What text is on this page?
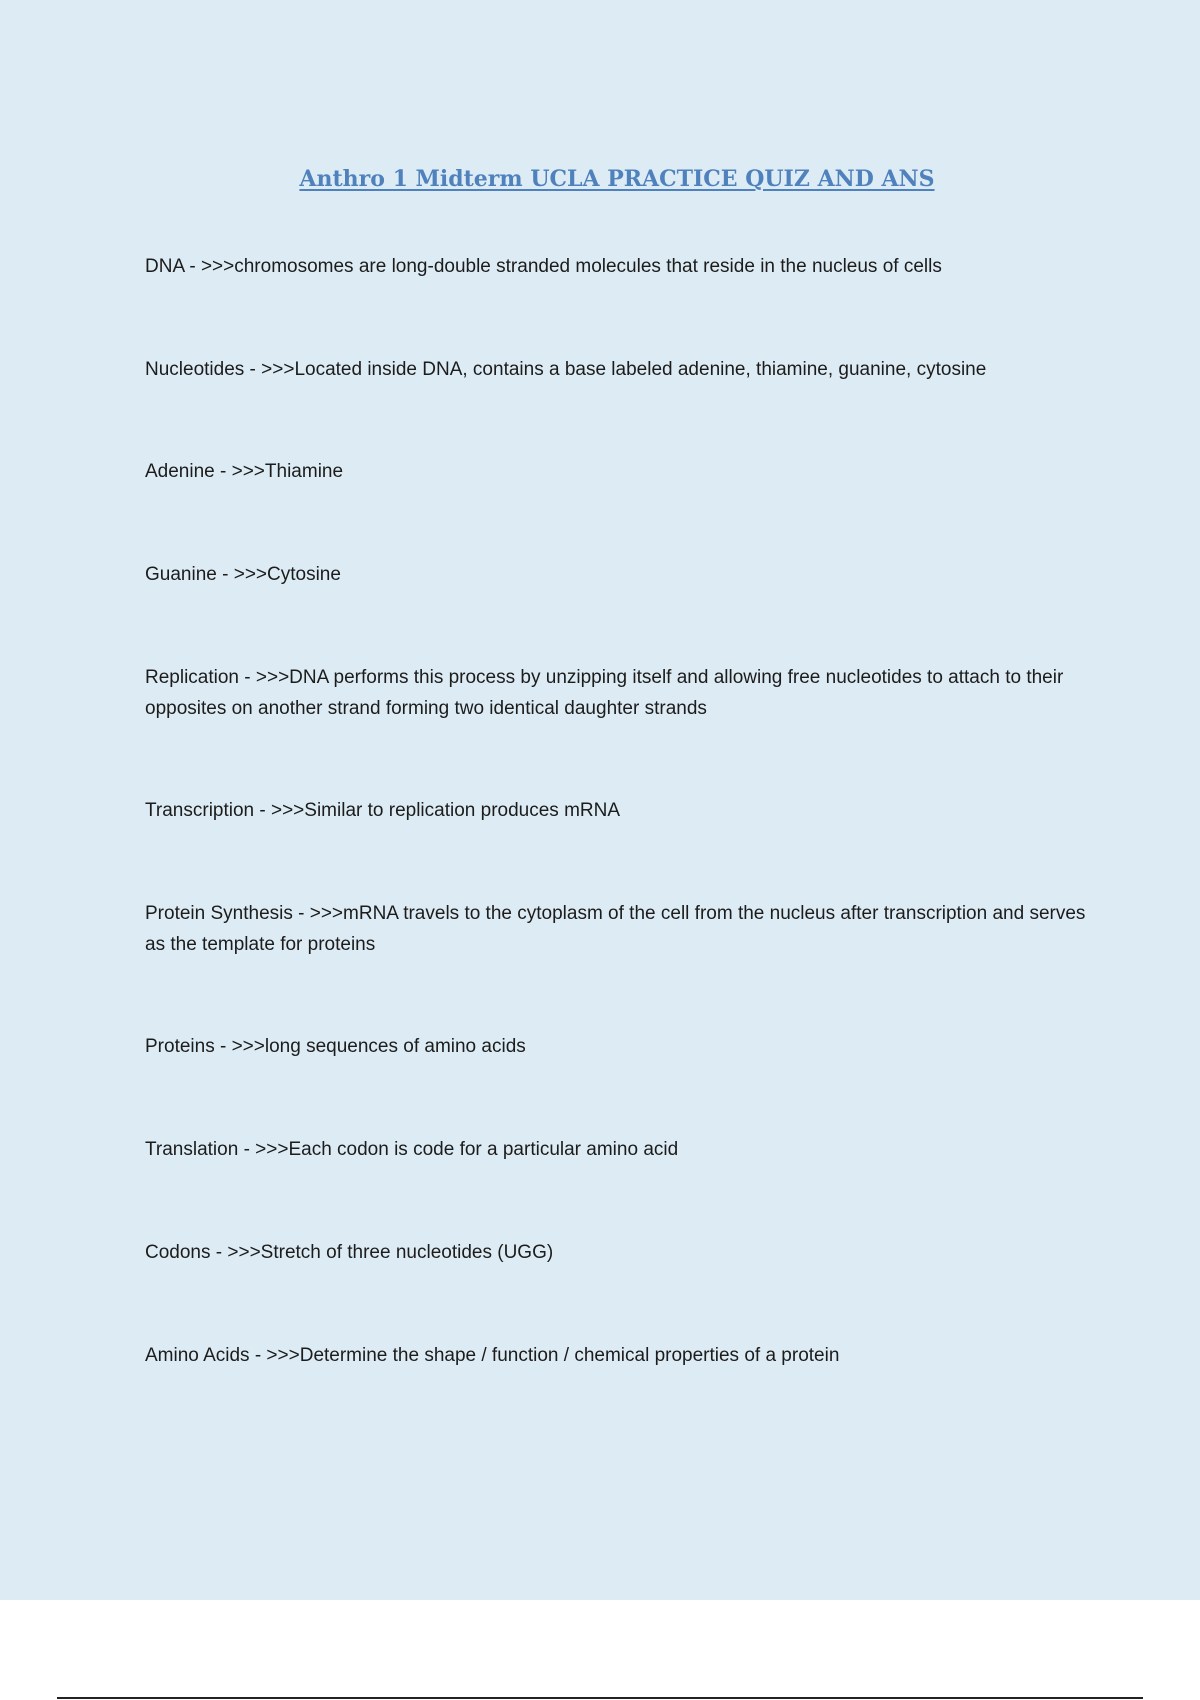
Anthro 1 Midterm UCLA PRACTICE QUIZ AND ANS

DNA - >>>chromosomes are long-double stranded molecules that reside in the nucleus of cells

Nucleotides - >>>Located inside DNA, contains a base labeled adenine, thiamine, guanine, cytosine

Adenine - >>>Thiamine

Guanine - >>>Cytosine

Replication - >>>DNA performs this process by unzipping itself and allowing free nucleotides to attach to their opposites on another strand forming two identical daughter strands

Transcription - >>>Similar to replication produces mRNA

Protein Synthesis - >>>mRNA travels to the cytoplasm of the cell from the nucleus after transcription and serves as the template for proteins

Proteins - >>>long sequences of amino acids

Translation - >>>Each codon is code for a particular amino acid

Codons - >>>Stretch of three nucleotides (UGG)

Amino Acids - >>>Determine the shape / function / chemical properties of a protein
